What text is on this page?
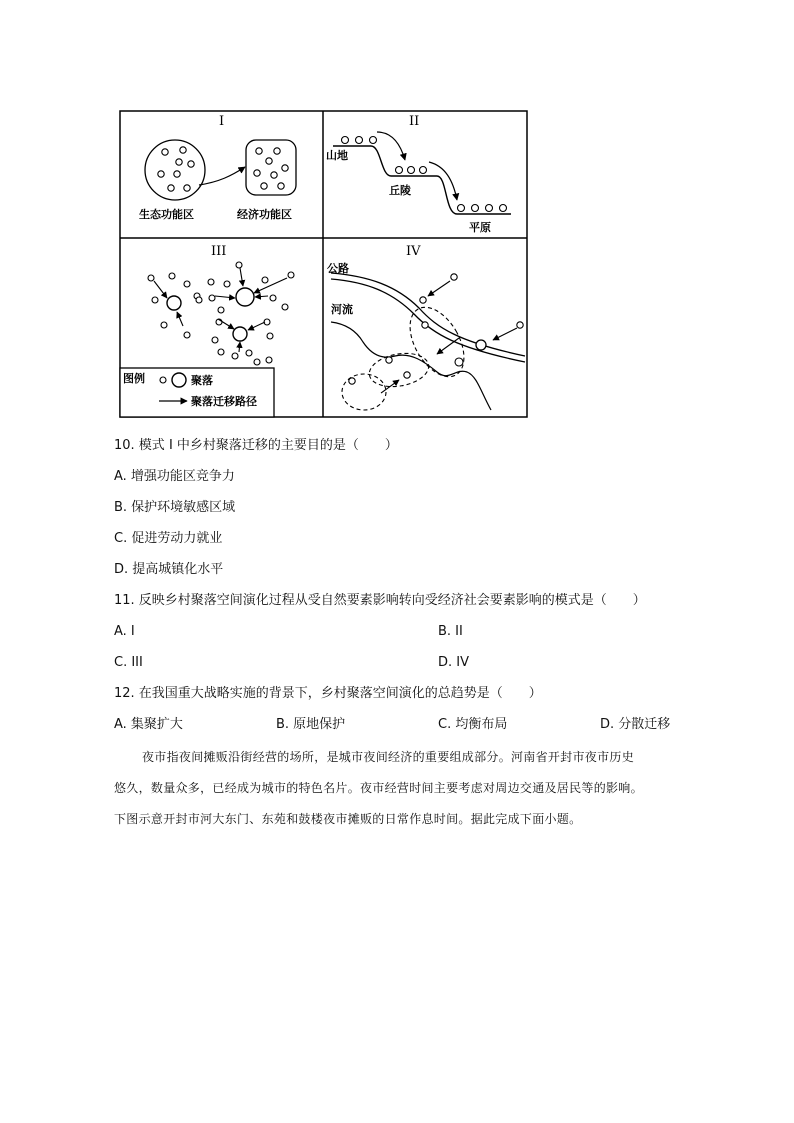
I
生态功能区	经济功能区
II
山地
丘陵
平原
III
图例	聚落
聚落迁移路径
IV
公路
河流
10. 模式 I 中乡村聚落迁移的主要目的是（　　）
A. 增强功能区竞争力
B. 保护环境敏感区域
C. 促进劳动力就业
D. 提高城镇化水平
11. 反映乡村聚落空间演化过程从受自然要素影响转向受经济社会要素影响的模式是（　　）
A. I	B. II
C. III	D. IV
12. 在我国重大战略实施的背景下，乡村聚落空间演化的总趋势是（　　）
A. 集聚扩大	B. 原地保护	C. 均衡布局	D. 分散迁移
夜市指夜间摊贩沿街经营的场所，是城市夜间经济的重要组成部分。河南省开封市夜市历史
悠久，数量众多，已经成为城市的特色名片。夜市经营时间主要考虑对周边交通及居民等的影响。
下图示意开封市河大东门、东苑和鼓楼夜市摊贩的日常作息时间。据此完成下面小题。
